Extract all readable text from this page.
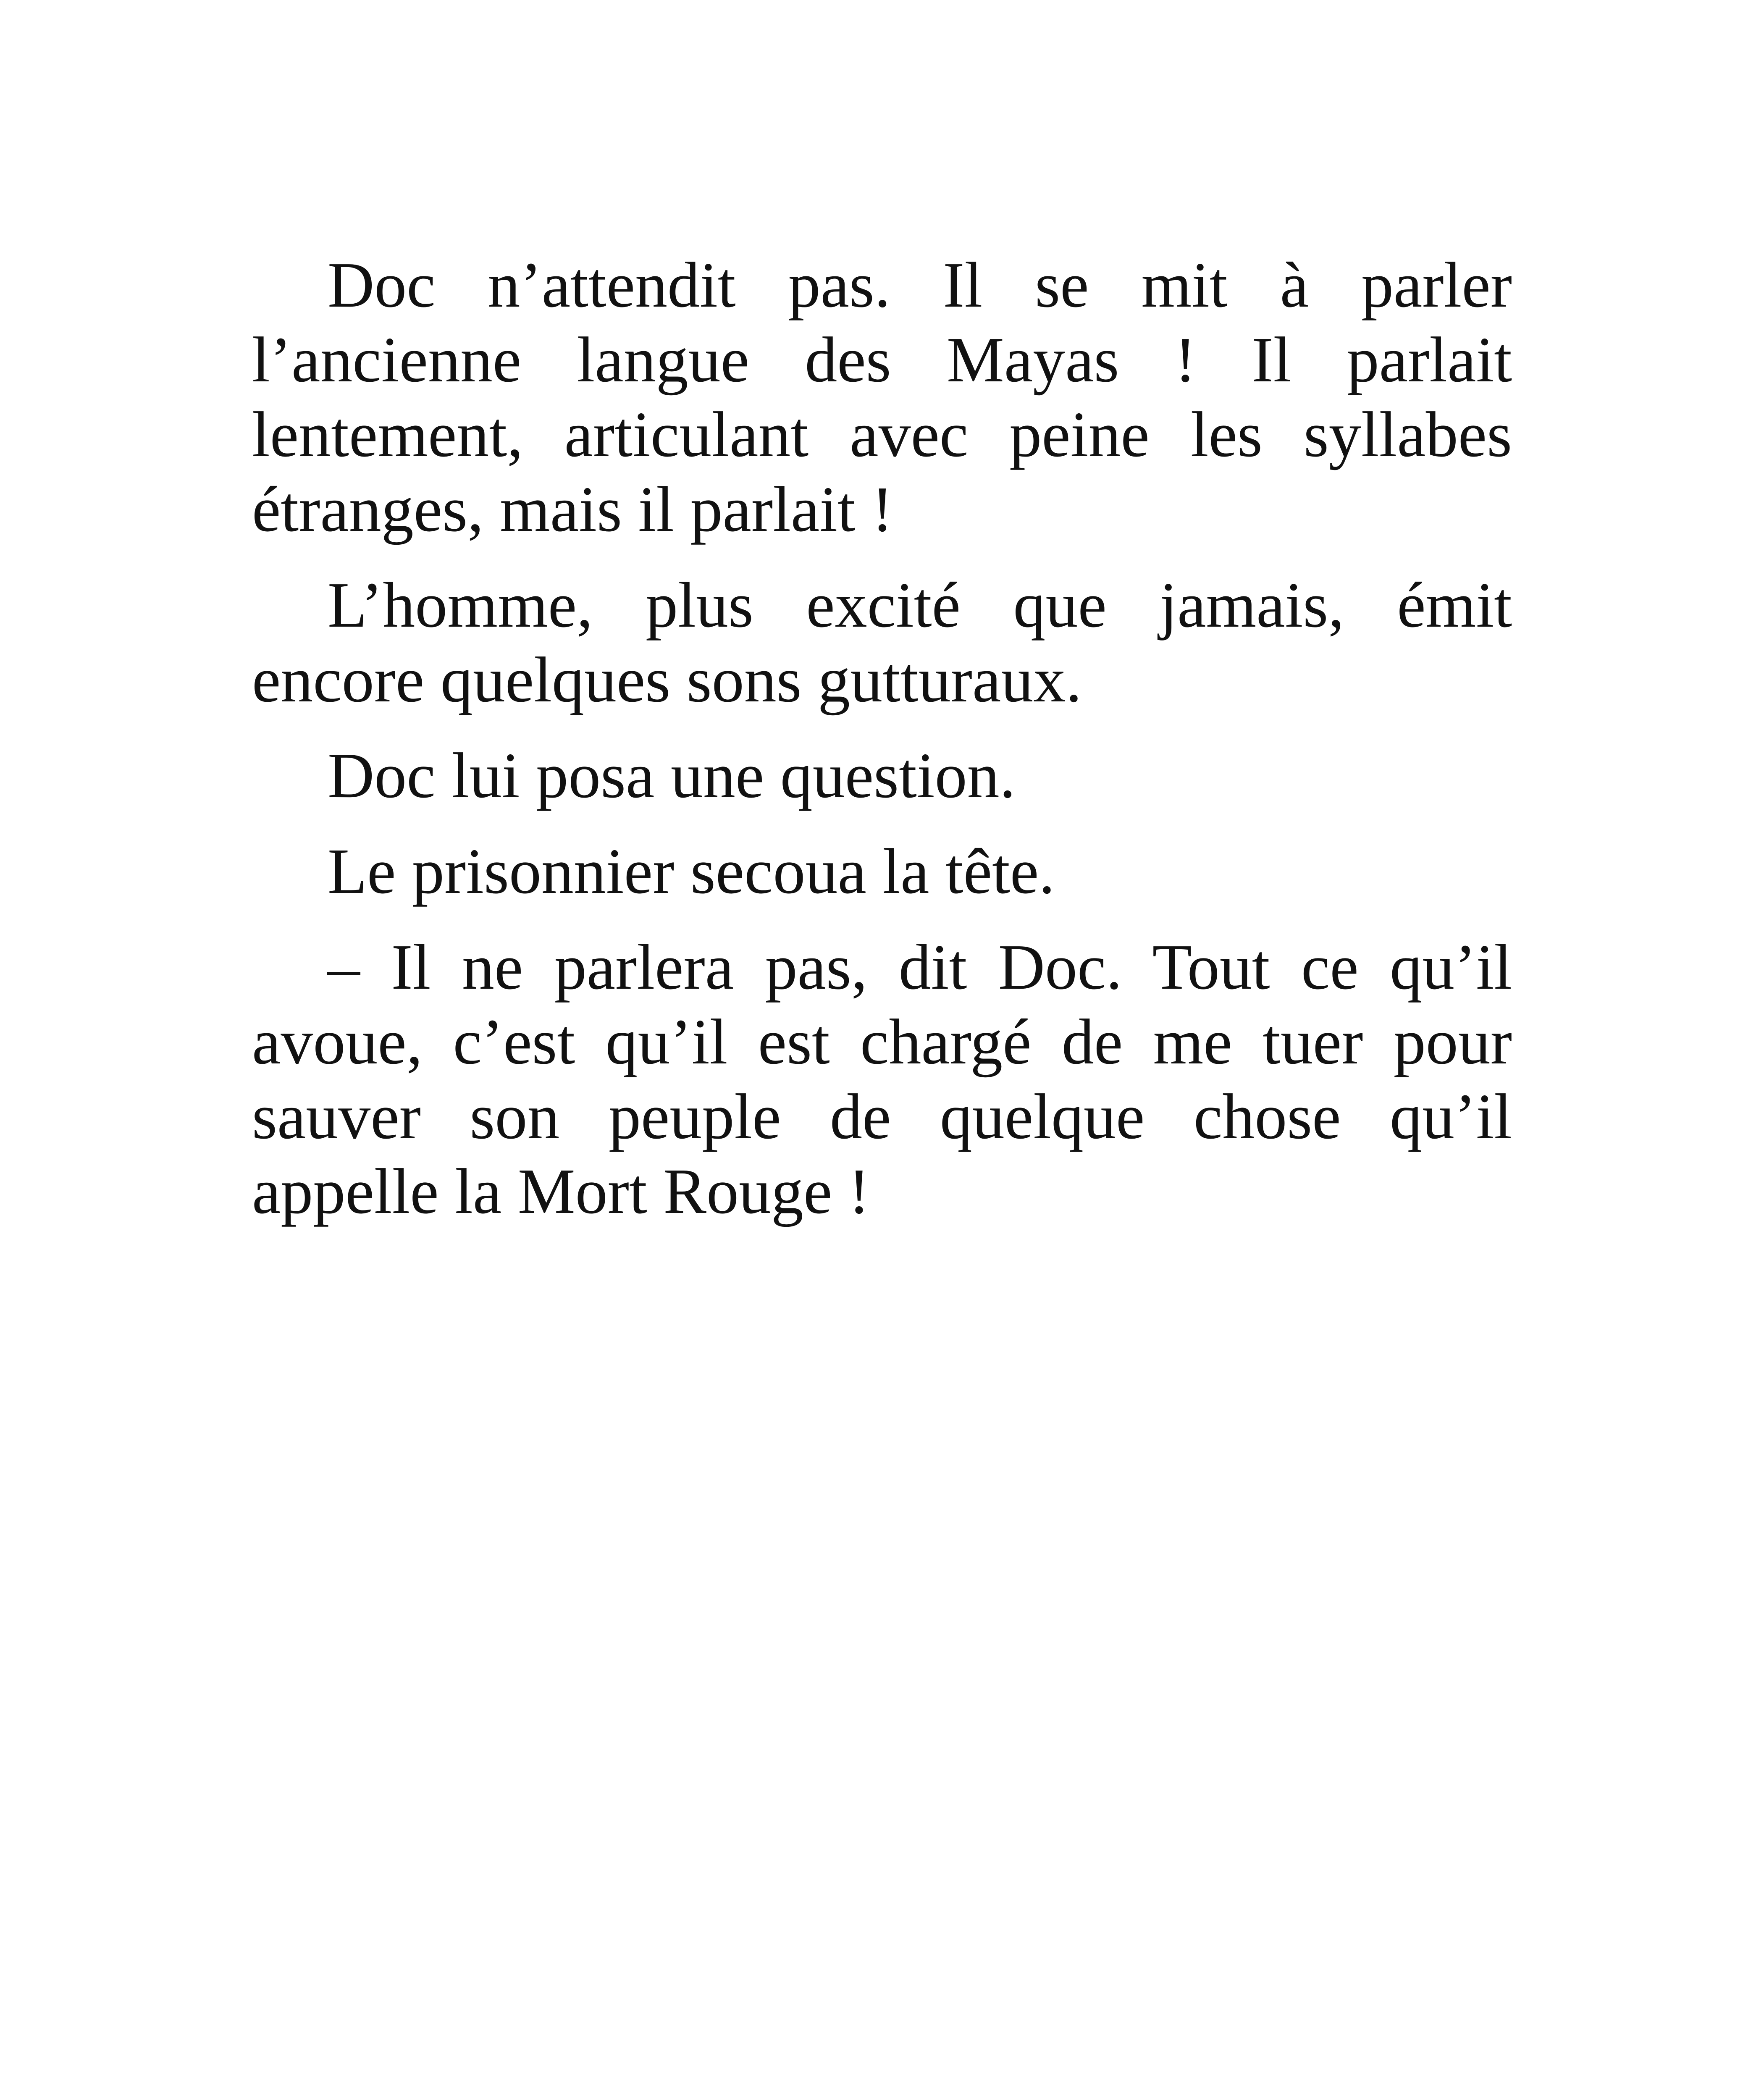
Doc n’attendit pas. Il se mit à parler l’ancienne langue des Mayas ! Il parlait lentement, articulant avec peine les syllabes étranges, mais il parlait !

L’homme, plus excité que jamais, émit encore quelques sons gutturaux.

Doc lui posa une question.

Le prisonnier secoua la tête.

– Il ne parlera pas, dit Doc. Tout ce qu’il avoue, c’est qu’il est chargé de me tuer pour sauver son peuple de quelque chose qu’il appelle la Mort Rouge !
